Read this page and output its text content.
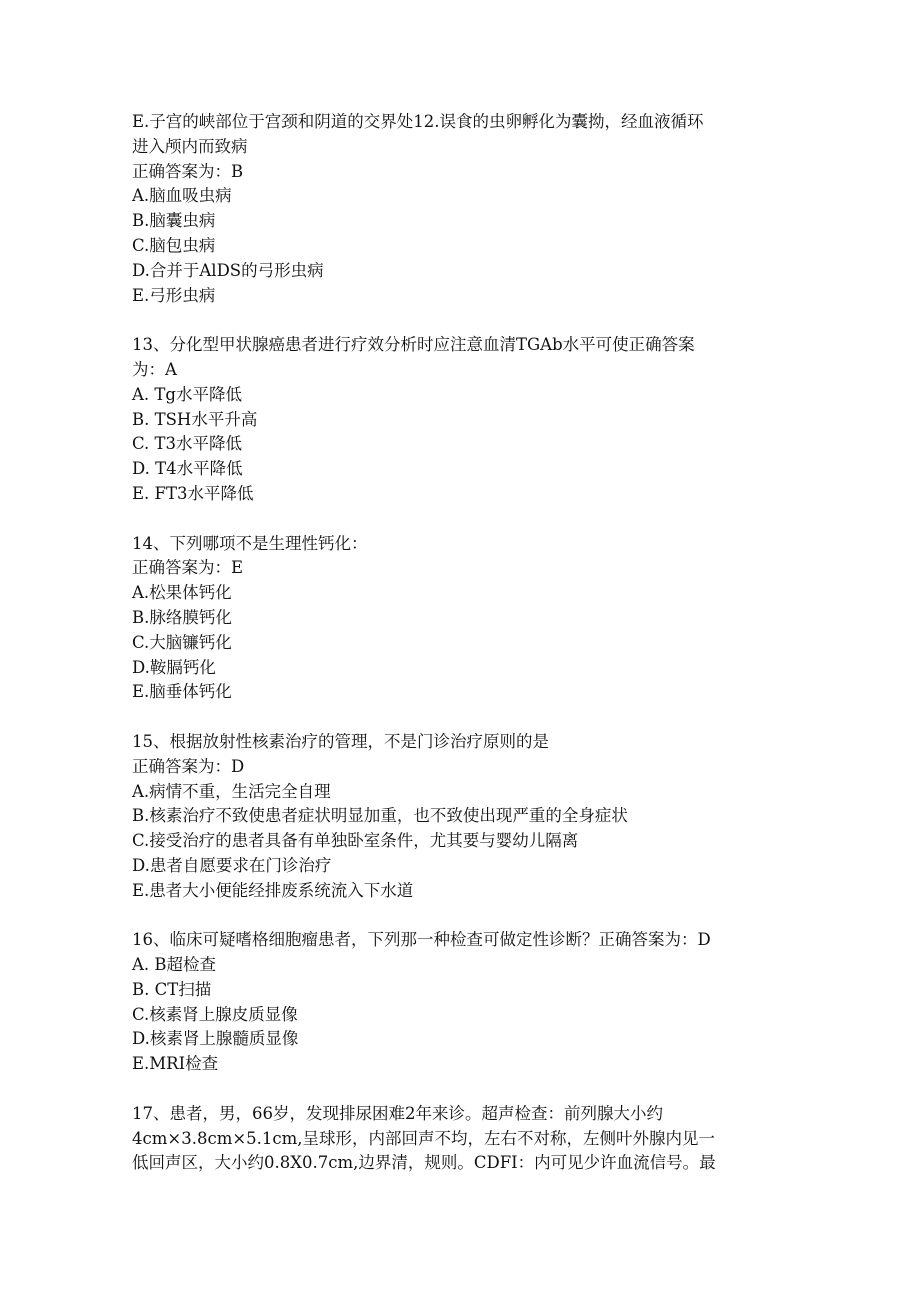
E.子宫的峡部位于宫颈和阴道的交界处12.误食的虫卵孵化为囊拗，经血液循环
进入颅内而致病
正确答案为：B
A.脑血吸虫病
B.脑囊虫病
C.脑包虫病
D.合并于AlDS的弓形虫病
E.弓形虫病
13、分化型甲状腺癌患者进行疗效分析时应注意血清TGAb水平可使正确答案
为：A
A. Tg水平降低
B. TSH水平升高
C. T3水平降低
D. T4水平降低
E. FT3水平降低
14、下列哪项不是生理性钙化：
正确答案为：E
A.松果体钙化
B.脉络膜钙化
C.大脑镰钙化
D.鞍膈钙化
E.脑垂体钙化
15、根据放射性核素治疗的管理，不是门诊治疗原则的是
正确答案为：D
A.病情不重，生活完全自理
B.核素治疗不致使患者症状明显加重，也不致使出现严重的全身症状
C.接受治疗的患者具备有单独卧室条件，尤其要与婴幼儿隔离
D.患者自愿要求在门诊治疗
E.患者大小便能经排废系统流入下水道
16、临床可疑嗜格细胞瘤患者，下列那一种检查可做定性诊断？正确答案为：D
A. B超检查
B. CT扫描
C.核素肾上腺皮质显像
D.核素肾上腺髓质显像
E.MRI检查
17、患者，男，66岁，发现排尿困难2年来诊。超声检查：前列腺大小约
4cm×3.8cm×5.1cm,呈球形，内部回声不均，左右不对称，左侧叶外腺内见一
低回声区，大小约0.8X0.7cm,边界清，规则。CDFI：内可见少许血流信号。最
